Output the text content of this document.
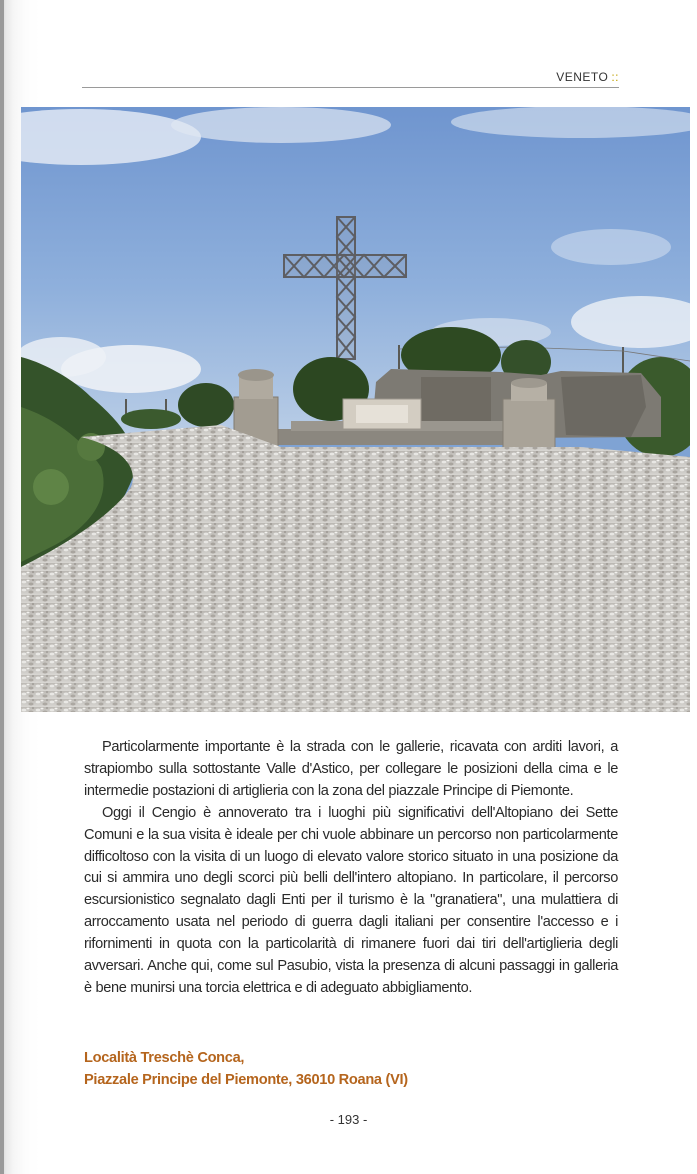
VENETO ::

Particolarmente importante è la strada con le gallerie, ricavata con arditi lavori, a strapiombo sulla sottostante Valle d'Astico, per collegare le posizioni della cima e le intermedie postazioni di artiglieria con la zona del piazzale Principe di Piemonte.

Oggi il Cengio è annoverato tra i luoghi più significativi dell'Altopiano dei Sette Comuni e la sua visita è ideale per chi vuole abbinare un percorso non particolarmente difficoltoso con la visita di un luogo di elevato valore storico situato in una posizione da cui si ammira uno degli scorci più belli dell'intero altopiano. In particolare, il percorso escursionistico segnalato dagli Enti per il turismo è la "granatiera", una mulattiera di arroccamento usata nel periodo di guerra dagli italiani per consentire l'accesso e i rifornimenti in quota con la particolarità di rimanere fuori dai tiri dell'artiglieria degli avversari. Anche qui, come sul Pasubio, vista la presenza di alcuni passaggi in galleria è bene munirsi una torcia elettrica e di adeguato abbigliamento.

Località Treschè Conca,
Piazzale Principe del Piemonte, 36010 Roana (VI)
- 193 -
